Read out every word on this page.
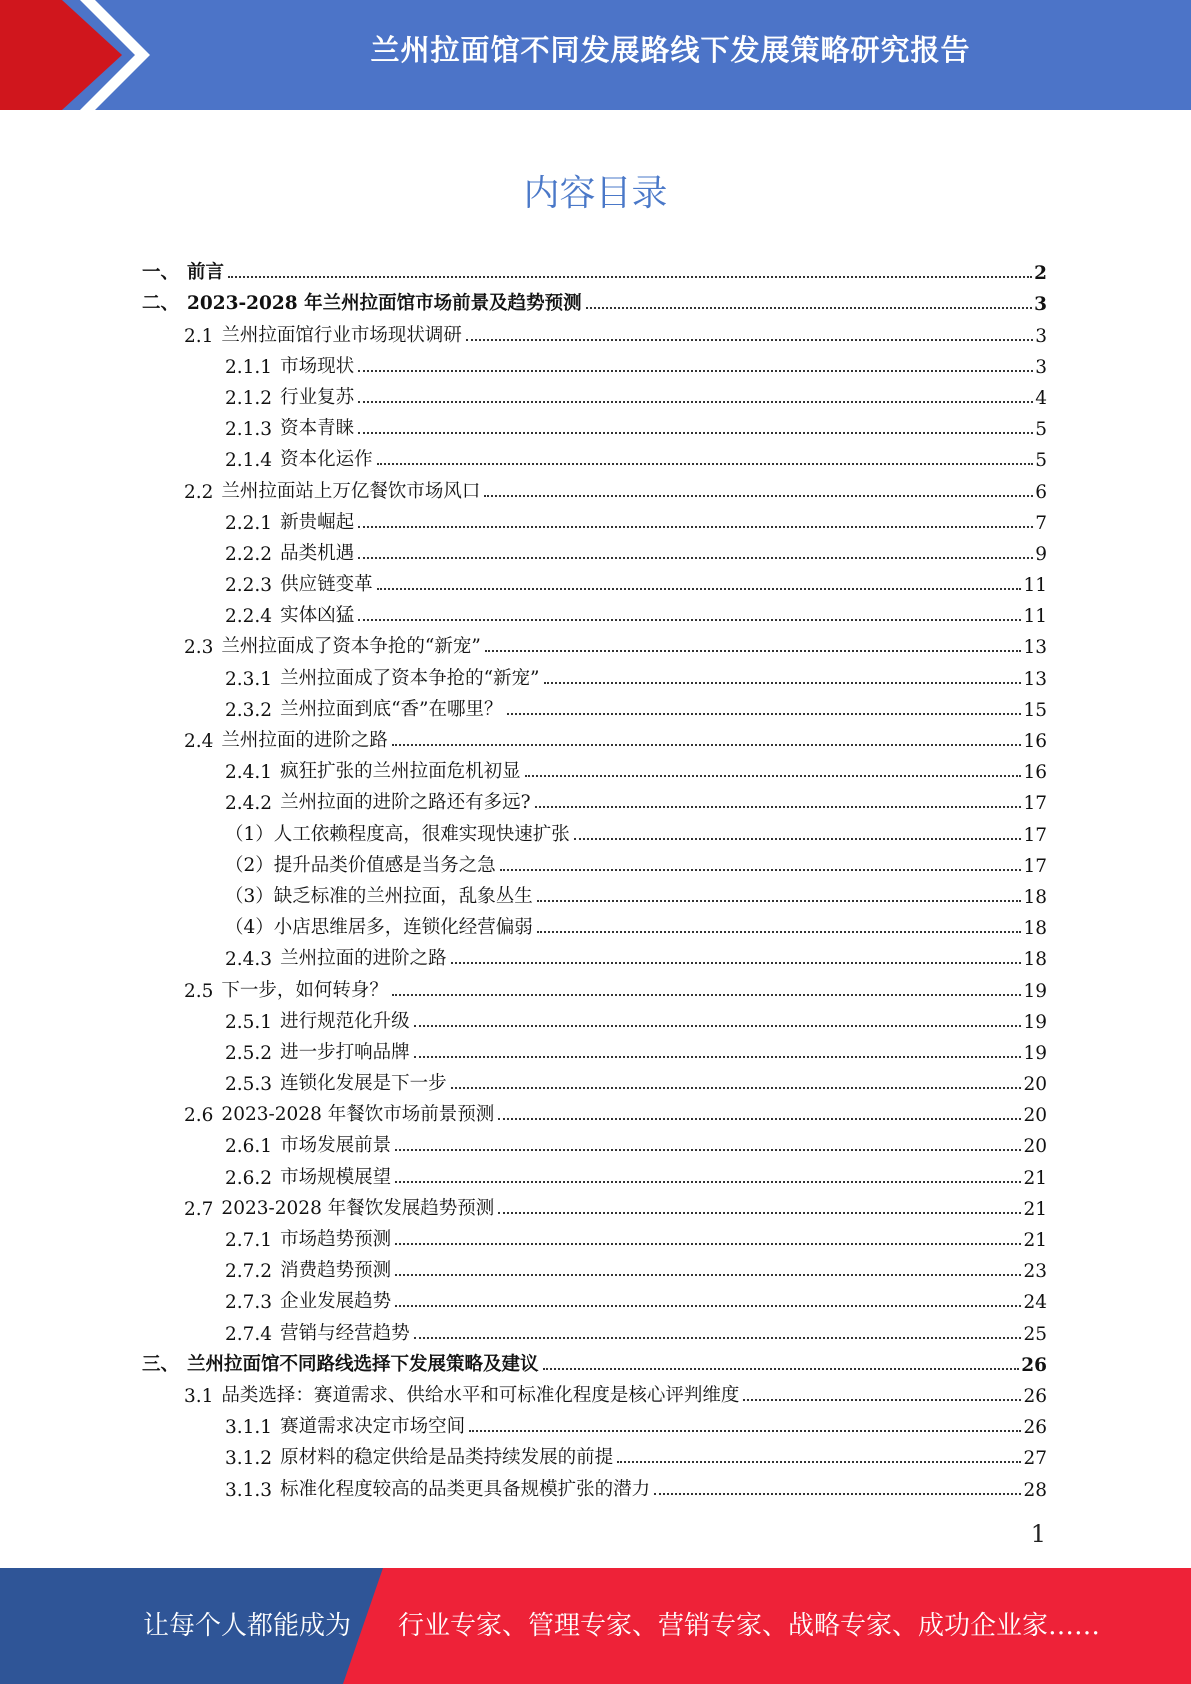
兰州拉面馆不同发展路线下发展策略研究报告
内容目录
一、 前言	2
二、 2023-2028 年兰州拉面馆市场前景及趋势预测	3
2.1 兰州拉面馆行业市场现状调研	3
2.1.1 市场现状	3
2.1.2 行业复苏	4
2.1.3 资本青睐	5
2.1.4 资本化运作	5
2.2 兰州拉面站上万亿餐饮市场风口	6
2.2.1 新贵崛起	7
2.2.2 品类机遇	9
2.2.3 供应链变革	11
2.2.4 实体凶猛	11
2.3 兰州拉面成了资本争抢的“新宠”	13
2.3.1 兰州拉面成了资本争抢的“新宠”	13
2.3.2 兰州拉面到底“香”在哪里？	15
2.4 兰州拉面的进阶之路	16
2.4.1 疯狂扩张的兰州拉面危机初显	16
2.4.2 兰州拉面的进阶之路还有多远?	17
（1） 人工依赖程度高，很难实现快速扩张	17
（2） 提升品类价值感是当务之急	17
（3） 缺乏标准的兰州拉面，乱象丛生	18
（4） 小店思维居多，连锁化经营偏弱	18
2.4.3 兰州拉面的进阶之路	18
2.5 下一步，如何转身？	19
2.5.1 进行规范化升级	19
2.5.2 进一步打响品牌	19
2.5.3 连锁化发展是下一步	20
2.6 2023-2028 年餐饮市场前景预测	20
2.6.1 市场发展前景	20
2.6.2 市场规模展望	21
2.7 2023-2028 年餐饮发展趋势预测	21
2.7.1 市场趋势预测	21
2.7.2 消费趋势预测	23
2.7.3 企业发展趋势	24
2.7.4 营销与经营趋势	25
三、 兰州拉面馆不同路线选择下发展策略及建议	26
3.1 品类选择：赛道需求、供给水平和可标准化程度是核心评判维度	26
3.1.1 赛道需求决定市场空间	26
3.1.2 原材料的稳定供给是品类持续发展的前提	27
3.1.3 标准化程度较高的品类更具备规模扩张的潜力	28
1
让每个人都能成为 行业专家、管理专家、营销专家、战略专家、成功企业家……
